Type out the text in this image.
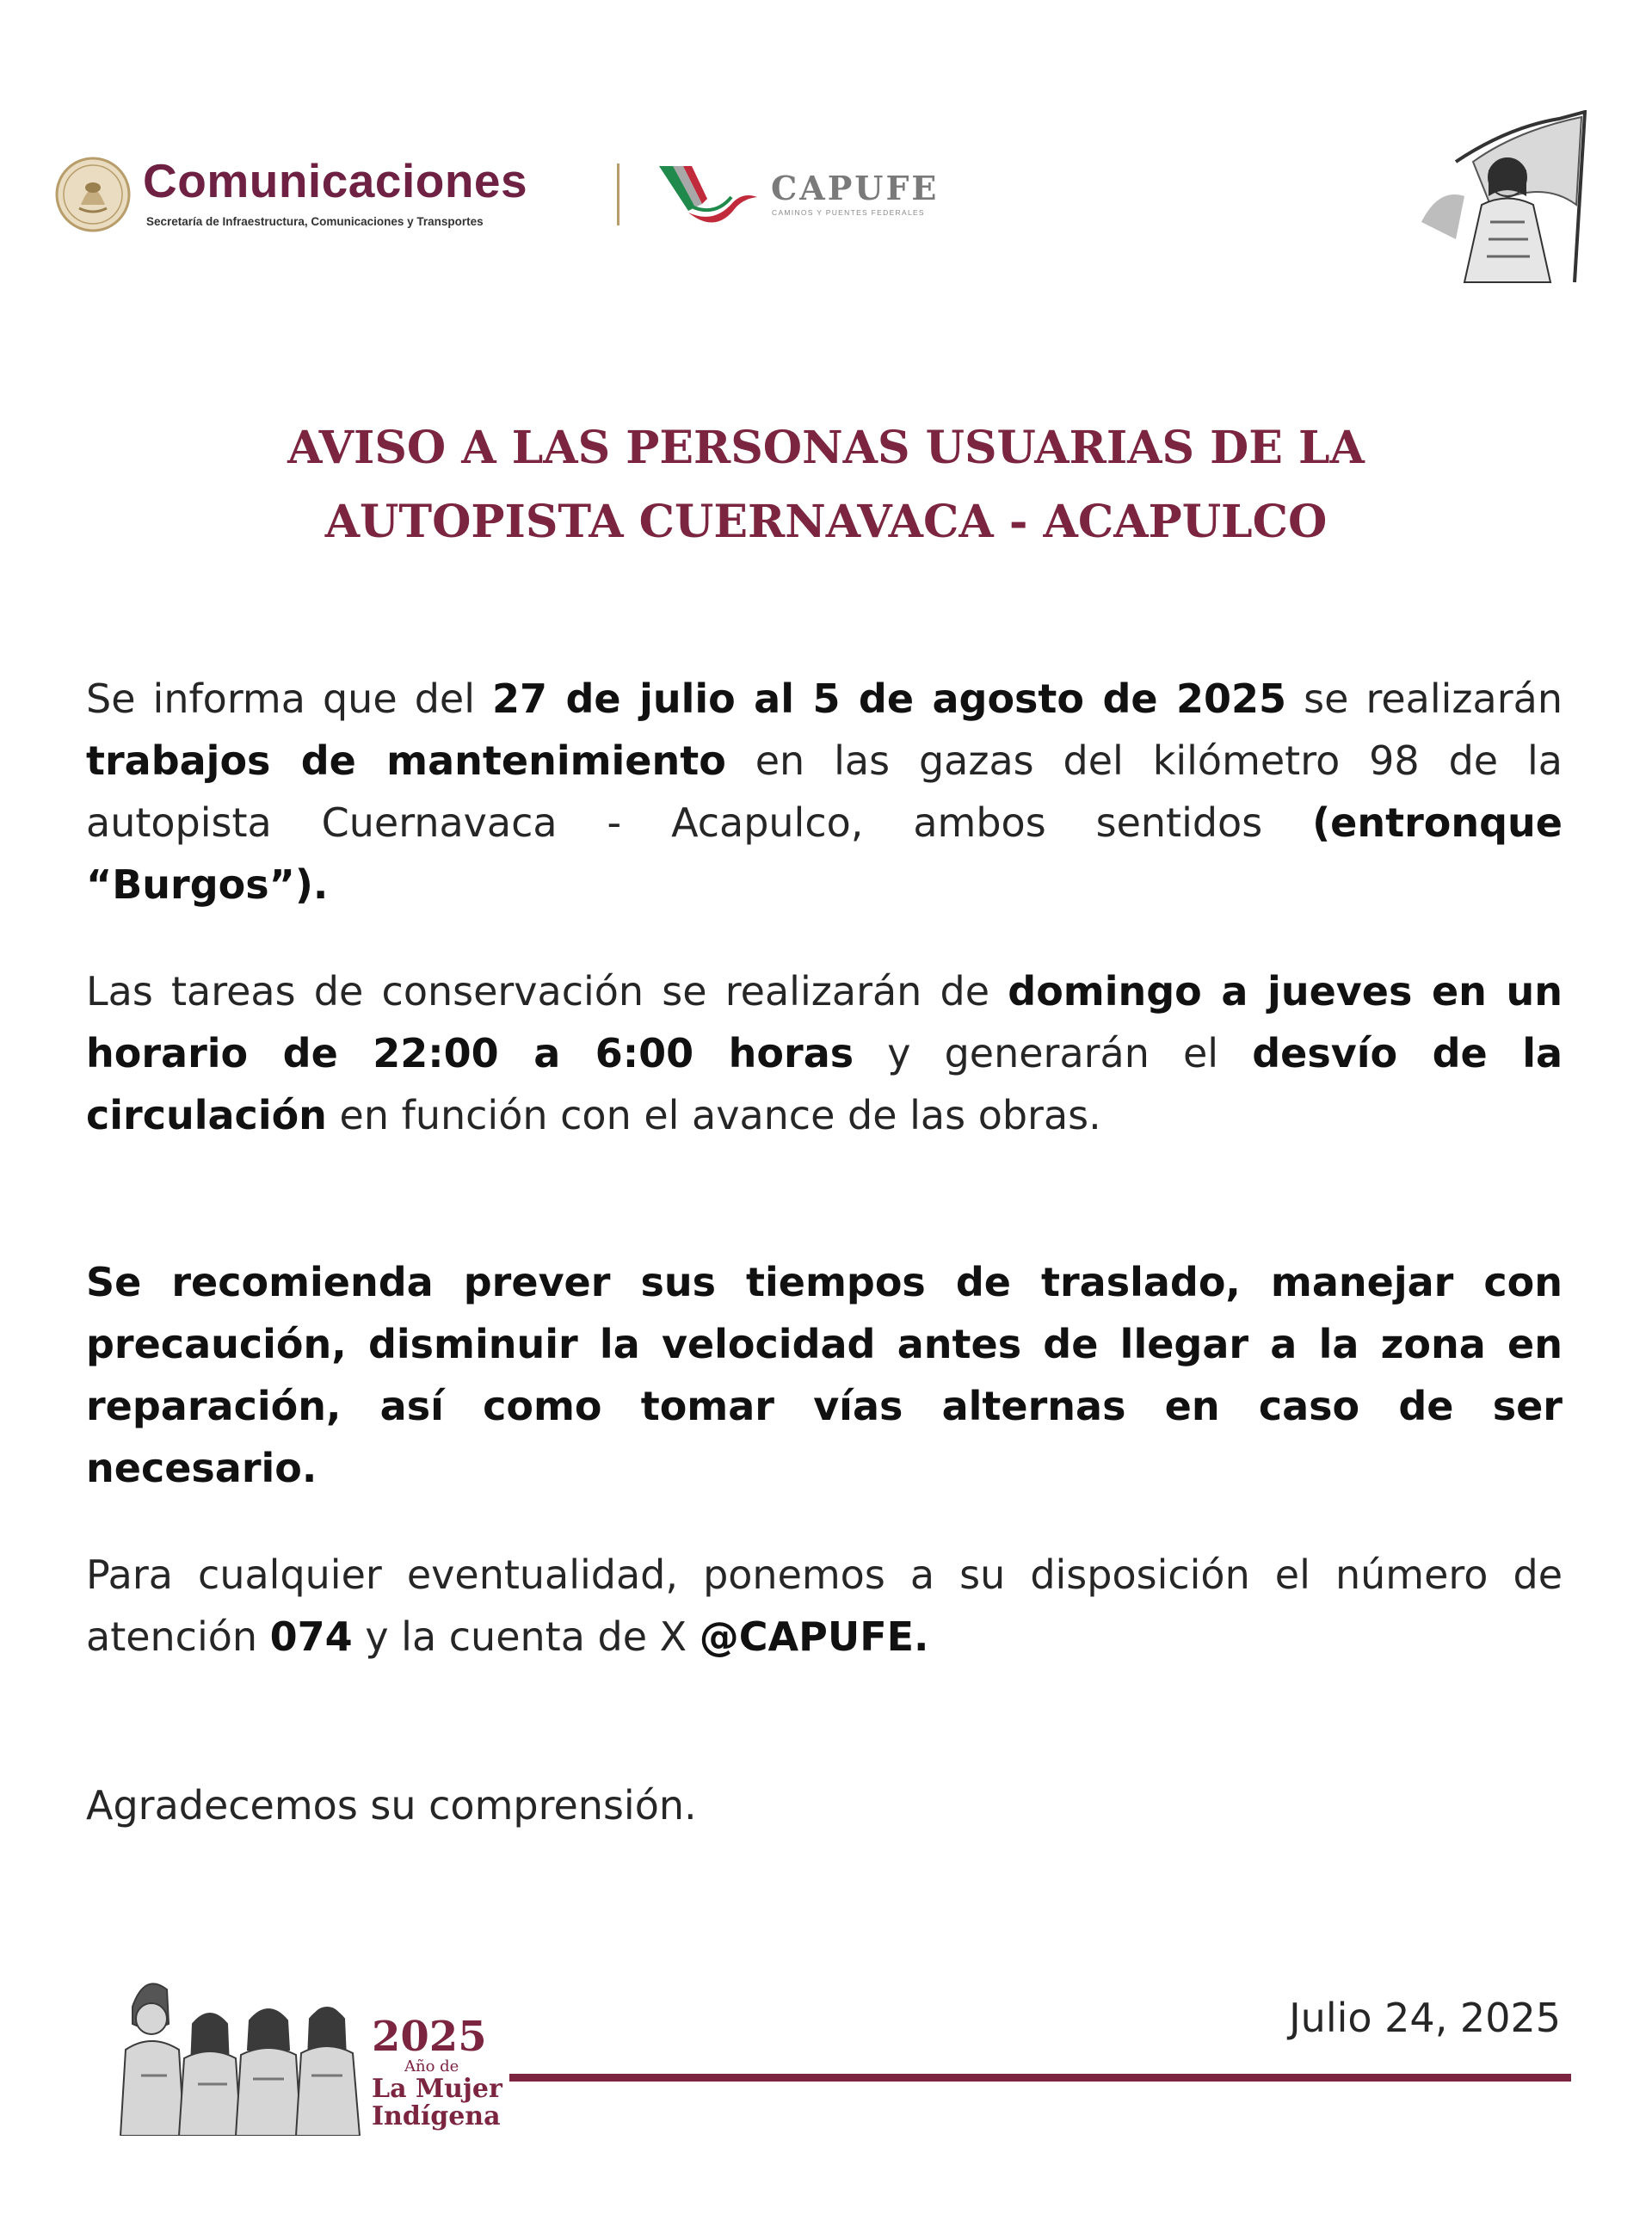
Comunicaciones
Secretaría de Infraestructura, Comunicaciones y Transportes
CAPUFE
CAMINOS Y PUENTES FEDERALES
AVISO A LAS PERSONAS USUARIAS DE LA
AUTOPISTA CUERNAVACA - ACAPULCO

Se informa que del 27 de julio al 5 de agosto de 2025 se realizarán trabajos de mantenimiento en las gazas del kilómetro 98 de la autopista Cuernavaca - Acapulco, ambos sentidos (entronque “Burgos”).

Las tareas de conservación se realizarán de domingo a jueves en un horario de 22:00 a 6:00 horas y generarán el desvío de la circulación en función con el avance de las obras.

Se recomienda prever sus tiempos de traslado, manejar con precaución, disminuir la velocidad antes de llegar a la zona en reparación, así como tomar vías alternas en caso de ser necesario.

Para cualquier eventualidad, ponemos a su disposición el número de atención 074 y la cuenta de X @CAPUFE.

Agradecemos su comprensión.

2025
Año de
La Mujer
Indígena
Julio 24, 2025
